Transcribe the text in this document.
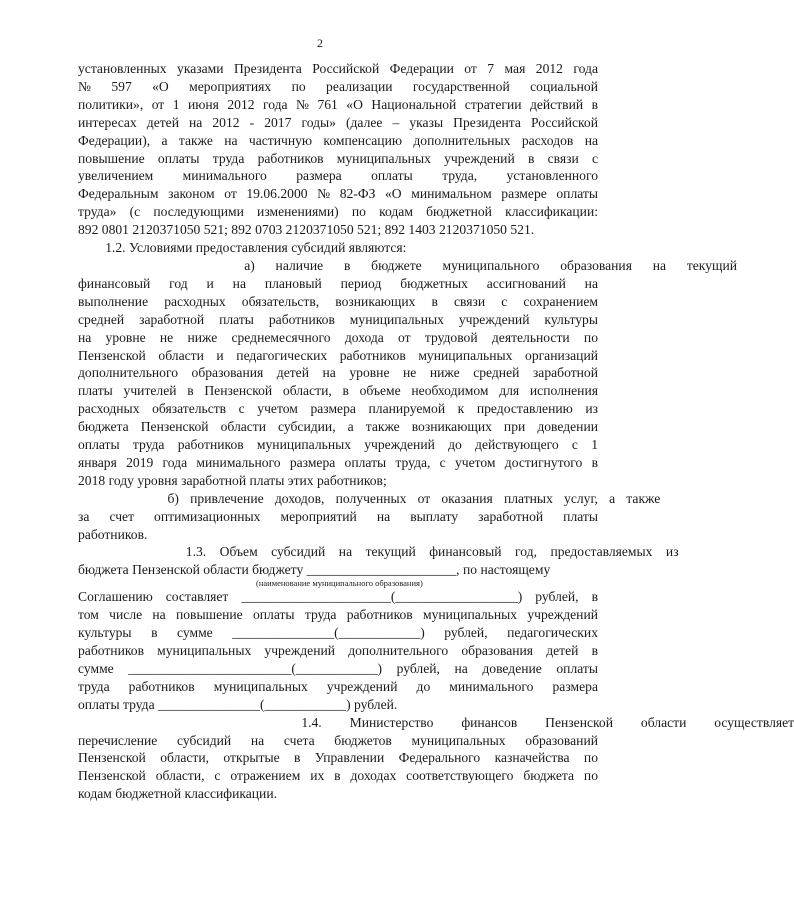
2
установленных указами Президента Российской Федерации от 7 мая 2012 года
№ 597 «О мероприятиях по реализации государственной социальной
политики», от 1 июня 2012 года № 761 «О Национальной стратегии действий в
интересах детей на 2012 - 2017 годы» (далее – указы Президента Российской
Федерации), а также на частичную компенсацию дополнительных расходов на
повышение оплаты труда работников муниципальных учреждений в связи с
увеличением минимального размера оплаты труда, установленного
Федеральным законом от 19.06.2000 № 82-ФЗ «О минимальном размере оплаты
труда» (с последующими изменениями) по кодам бюджетной классификации:
892 0801 2120371050 521; 892 0703 2120371050 521; 892 1403 2120371050 521.
1.2. Условиями предоставления субсидий являются:
а) наличие в бюджете муниципального образования на текущий
финансовый год и на плановый период бюджетных ассигнований на
выполнение расходных обязательств, возникающих в связи с сохранением
средней заработной платы работников муниципальных учреждений культуры
на уровне не ниже среднемесячного дохода от трудовой деятельности по
Пензенской области и педагогических работников муниципальных организаций
дополнительного образования детей на уровне не ниже средней заработной
платы учителей в Пензенской области, в объеме необходимом для исполнения
расходных обязательств с учетом размера планируемой к предоставлению из
бюджета Пензенской области субсидии, а также возникающих при доведении
оплаты труда работников муниципальных учреждений до действующего с 1
января 2019 года минимального размера оплаты труда, с учетом достигнутого в
2018 году уровня заработной платы этих работников;
б) привлечение доходов, полученных от оказания платных услуг, а также
за счет оптимизационных мероприятий на выплату заработной платы
работников.
1.3. Объем субсидий на текущий финансовый год, предоставляемых из
бюджета Пензенской области бюджету ______________________, по настоящему
(наименование муниципального образования)
Соглашению составляет ______________________(__________________) рублей, в
том числе на повышение оплаты труда работников муниципальных учреждений
культуры в сумме _______________(____________) рублей, педагогических
работников муниципальных учреждений дополнительного образования детей в
сумме ________________________(____________) рублей, на доведение оплаты
труда работников муниципальных учреждений до минимального размера
оплаты труда _______________(____________) рублей.
1.4. Министерство финансов Пензенской области осуществляет
перечисление субсидий на счета бюджетов муниципальных образований
Пензенской области, открытые в Управлении Федерального казначейства по
Пензенской области, с отражением их в доходах соответствующего бюджета по
кодам бюджетной классификации.
